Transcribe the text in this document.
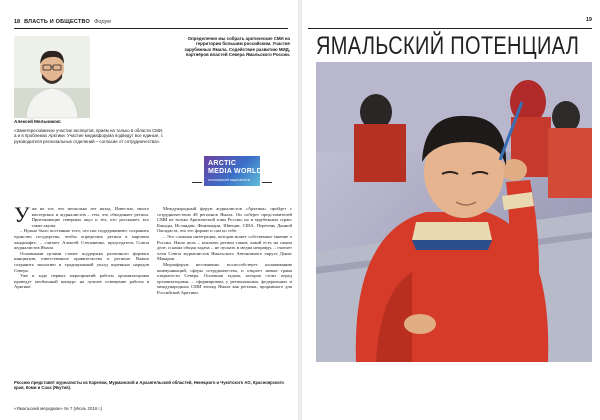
18 ВЛАСТЬ И ОБЩЕСТВО Форум
Определенно мы собрать арктические СМИ на территории большим российским. Участие зарубежных Ямала. Содействие развитию МИД, партнёров властей Севера Ямальского России.
Алексей Мельников:
«Заинтересованное участие экспертов, приём на только в области СМИ, а и в проблемах Арктики. Участие медиафорума подведут все единые, с руководителя региональных отделений – согласие от сотрудничества».
ARCTIC
MEDIA WORLD
ОКСФИРДСКИЙ МЕДИАФОРУМ

Уже не тот, что несколько лет назад. Известно, много мастерских и журналистов – тем, что объединяет регион. Приезжающие северных акул и тех, кто расскажет, кто такие акулы.

– Нужно было постоянно того, что нас поддерживают, сохранить единство государства, чтобы определить регион в мировом ландшафте, – считает Алексей Степаненко, председатель Союза журналистов Ямала.

Основными целями станет поддержка различного формата инициатив, ответственное правительство в регионе. Важно сохранить экологию и традиционный уклад коренных народов Севера.

Уже в ходе первых мероприятий работы организаторами проведут необычный конкурс на лучшее освещение работы в Арктике.

Международный форум журналистов «Арктика» пройдет с сотрудничеством 48 регионов Ямала. Он соберет представителей СМИ не только Арктической зоны России, но и зарубежных стран: Канады, Исландии, Финляндии, Швеции, США. Перечень Данной Оксидаста, что его формат и сам по себе.

– Это сложная интеграция, которая может собственное мнение о России. Наша цель – показать регион таким, какой есть на самом деле, и наша общая задача – не пускать в медиа неправду, – считает член Союза журналистов Ямальского Автономного округа Денис Макаров.

Медиафорум несомненно поспособствует налаживанию коммуникаций, сферы сотрудничества, и откроет новые грани открытости Севера. Основная задача, которая стоит перед организаторами, – сформировать у региональных, федеральных и международных СМИ взгляд Ямала как региона, прорывного для Российской Арктики.

Россию представят журналисты из Карелии, Мурманской и Архангельской областей, Ненецкого и Чукотского АО, Красноярского края, Коми и Саха (Якутия).
«Ямальский меридиан» № 7 (Июль 2016 г.)
19
ЯМАЛЬСКИЙ ПОТЕНЦИАЛ
Фото Андрей Ясный
